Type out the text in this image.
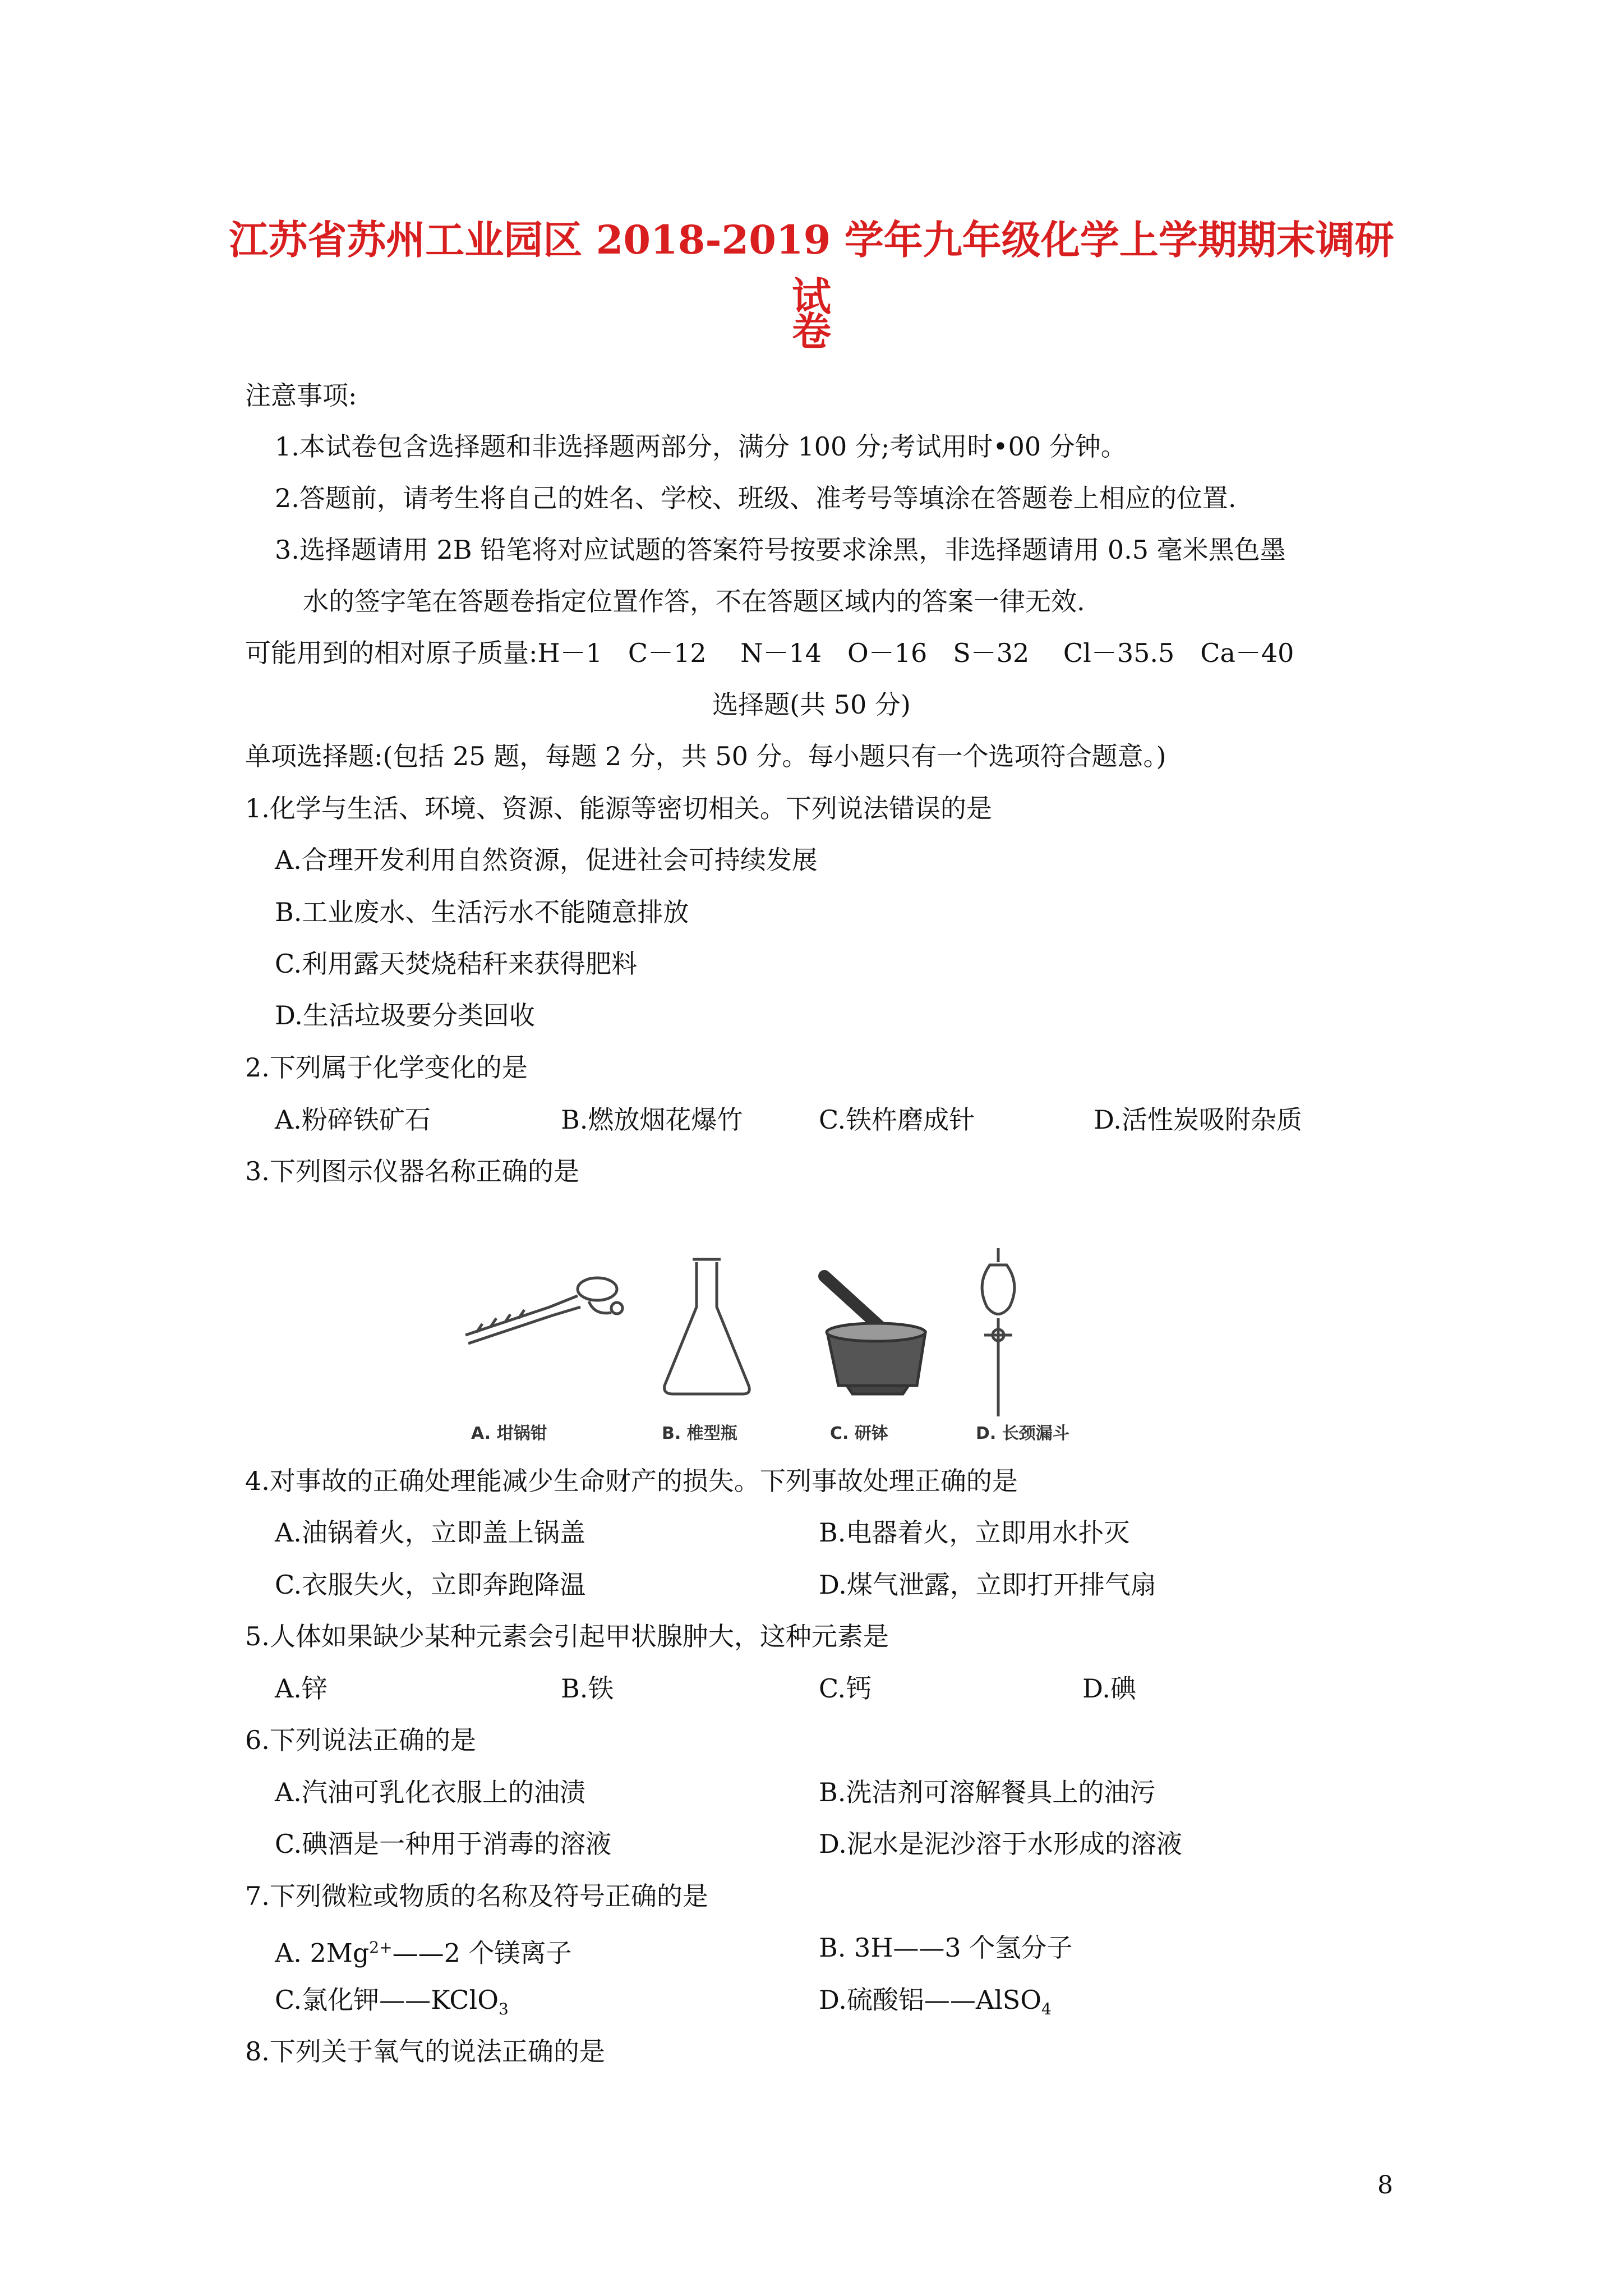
江苏省苏州工业园区 2018-2019 学年九年级化学上学期期末调研试
卷
注意事项:
1.本试卷包含选择题和非选择题两部分，满分 100 分;考试用时•00 分钟。
2.答题前，请考生将自己的姓名、学校、班级、准考号等填涂在答题卷上相应的位置.
3.选择题请用 2B 铅笔将对应试题的答案符号按要求涂黑，非选择题请用 0.5 毫米黑色墨
水的签字笔在答题卷指定位置作答，不在答题区域内的答案一律无效.
可能用到的相对原子质量:H－1　C－12　 N－14　O－16　S－32　 Cl－35.5　Ca－40
选择题(共 50 分)
单项选择题:(包括 25 题，每题 2 分，共 50 分。每小题只有一个选项符合题意。)
1.化学与生活、环境、资源、能源等密切相关。下列说法错误的是
A.合理开发利用自然资源，促进社会可持续发展
B.工业废水、生活污水不能随意排放
C.利用露天焚烧秸秆来获得肥料
D.生活垃圾要分类回收
2.下列属于化学变化的是
A.粉碎铁矿石	B.燃放烟花爆竹	C.铁杵磨成针	D.活性炭吸附杂质
3.下列图示仪器名称正确的是
A. 坩锅钳	B. 椎型瓶	C. 研钵	D. 长颈漏斗
4.对事故的正确处理能减少生命财产的损失。下列事故处理正确的是
A.油锅着火，立即盖上锅盖	B.电器着火，立即用水扑灭
C.衣服失火，立即奔跑降温	D.煤气泄露，立即打开排气扇
5.人体如果缺少某种元素会引起甲状腺肿大，这种元素是
A.锌	B.铁	C.钙	D.碘
6.下列说法正确的是
A.汽油可乳化衣服上的油渍	B.洗洁剂可溶解餐具上的油污
C.碘酒是一种用于消毒的溶液	D.泥水是泥沙溶于水形成的溶液
7.下列微粒或物质的名称及符号正确的是
A. $2Mg^{2+}——2$ 个镁离子	B. 3H——3 个氢分子
C.氯化钾——KClO$_3$	D.硫酸铝——AlSO$_4$
8.下列关于氧气的说法正确的是
8
